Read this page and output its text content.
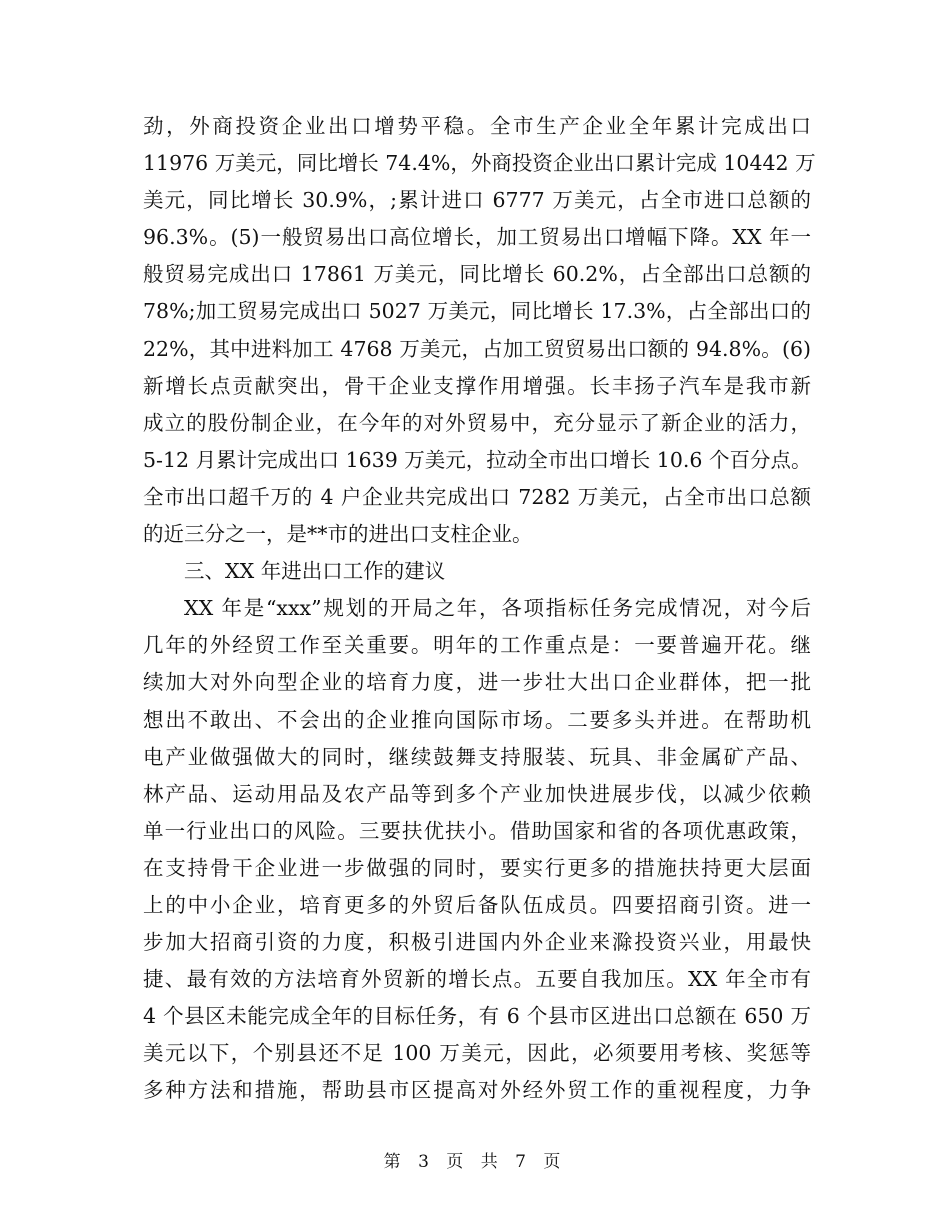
劲，外商投资企业出口增势平稳。全市生产企业全年累计完成出口
11976 万美元，同比增长 74.4%，外商投资企业出口累计完成 10442 万
美元，同比增长 30.9%，;累计进口 6777 万美元，占全市进口总额的
96.3%。(5)一般贸易出口高位增长，加工贸易出口增幅下降。XX 年一
般贸易完成出口 17861 万美元，同比增长 60.2%，占全部出口总额的
78%;加工贸易完成出口 5027 万美元，同比增长 17.3%，占全部出口的
22%，其中进料加工 4768 万美元，占加工贸贸易出口额的 94.8%。(6)
新增长点贡献突出，骨干企业支撑作用增强。长丰扬子汽车是我市新
成立的股份制企业，在今年的对外贸易中，充分显示了新企业的活力，
5-12 月累计完成出口 1639 万美元，拉动全市出口增长 10.6 个百分点。
全市出口超千万的 4 户企业共完成出口 7282 万美元，占全市出口总额
的近三分之一，是**市的进出口支柱企业。
三、XX 年进出口工作的建议
XX 年是“xxx”规划的开局之年，各项指标任务完成情况，对今后
几年的外经贸工作至关重要。明年的工作重点是：一要普遍开花。继
续加大对外向型企业的培育力度，进一步壮大出口企业群体，把一批
想出不敢出、不会出的企业推向国际市场。二要多头并进。在帮助机
电产业做强做大的同时，继续鼓舞支持服装、玩具、非金属矿产品、
林产品、运动用品及农产品等到多个产业加快进展步伐，以减少依赖
单一行业出口的风险。三要扶优扶小。借助国家和省的各项优惠政策，
在支持骨干企业进一步做强的同时，要实行更多的措施扶持更大层面
上的中小企业，培育更多的外贸后备队伍成员。四要招商引资。进一
步加大招商引资的力度，积极引进国内外企业来滁投资兴业，用最快
捷、最有效的方法培育外贸新的增长点。五要自我加压。XX 年全市有
4 个县区未能完成全年的目标任务，有 6 个县市区进出口总额在 650 万
美元以下，个别县还不足 100 万美元，因此，必须要用考核、奖惩等
多种方法和措施，帮助县市区提高对外经外贸工作的重视程度，力争
第 3 页 共 7 页
